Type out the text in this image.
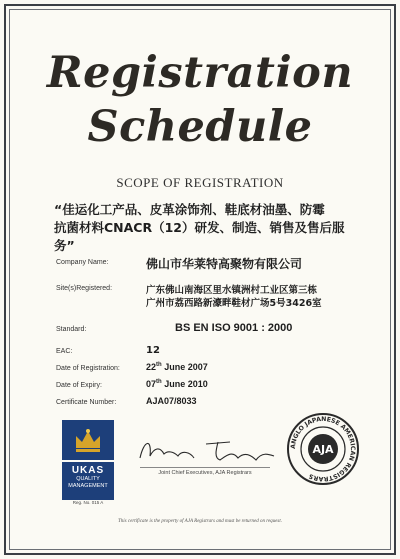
Registration
Schedule
SCOPE OF REGISTRATION
“佳运化工产品、皮革涂饰剂、鞋底材油墨、防霉
抗菌材料CNACR（12）研发、制造、销售及售后服务”
Company Name:	佛山市华莱特高聚物有限公司
Site(s)Registered:	广东佛山南海区里水镇洲村工业区第三栋
广州市荔西路新濠畔鞋材广场5号3426室
Standard:	BS EN ISO 9001 : 2000
EAC:	12
Date of Registration:	22th June 2007
Date of Expiry:	07th June 2010
Certificate Number:	AJA07/8033
UKAS
QUALITY
MANAGEMENT
Reg. No. 015 A
Joint Chief Executives, AJA Registrars
ANGLO JAPANESE AMERICAN REGISTRARS
AJA
This certificate is the property of AJA Registrars and must be returned on request.
